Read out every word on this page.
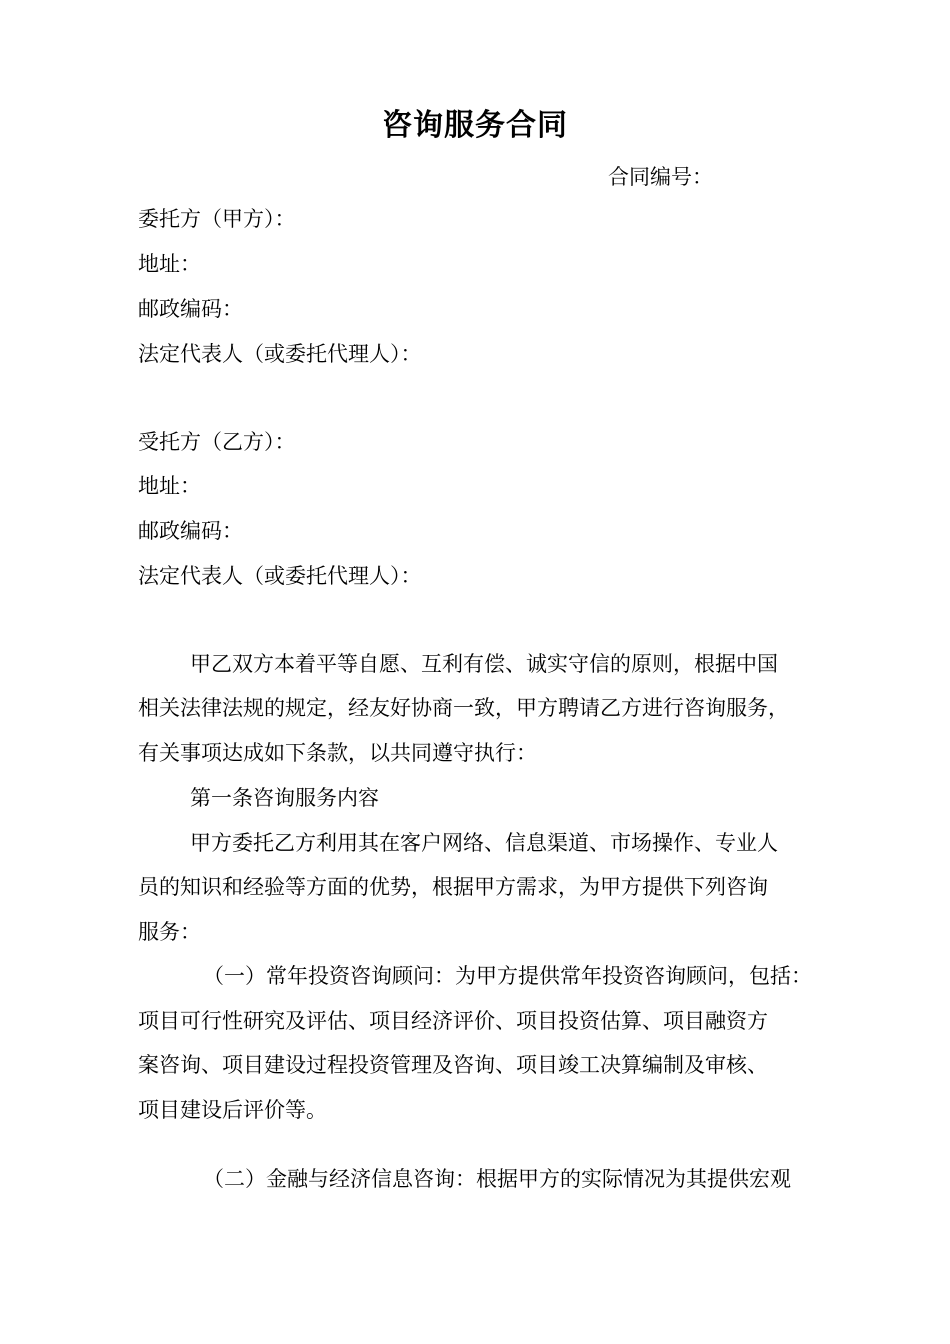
咨询服务合同
合同编号：
委托方（甲方）：
地址：
邮政编码：
法定代表人（或委托代理人）：
受托方（乙方）：
地址：
邮政编码：
法定代表人（或委托代理人）：
甲乙双方本着平等自愿、互利有偿、诚实守信的原则，根据中国
相关法律法规的规定，经友好协商一致，甲方聘请乙方进行咨询服务，
有关事项达成如下条款，以共同遵守执行：
第一条咨询服务内容
甲方委托乙方利用其在客户网络、信息渠道、市场操作、专业人
员的知识和经验等方面的优势，根据甲方需求，为甲方提供下列咨询
服务：
（一）常年投资咨询顾问：为甲方提供常年投资咨询顾问，包括：
项目可行性研究及评估、项目经济评价、项目投资估算、项目融资方
案咨询、项目建设过程投资管理及咨询、项目竣工决算编制及审核、
项目建设后评价等。
（二）金融与经济信息咨询：根据甲方的实际情况为其提供宏观
